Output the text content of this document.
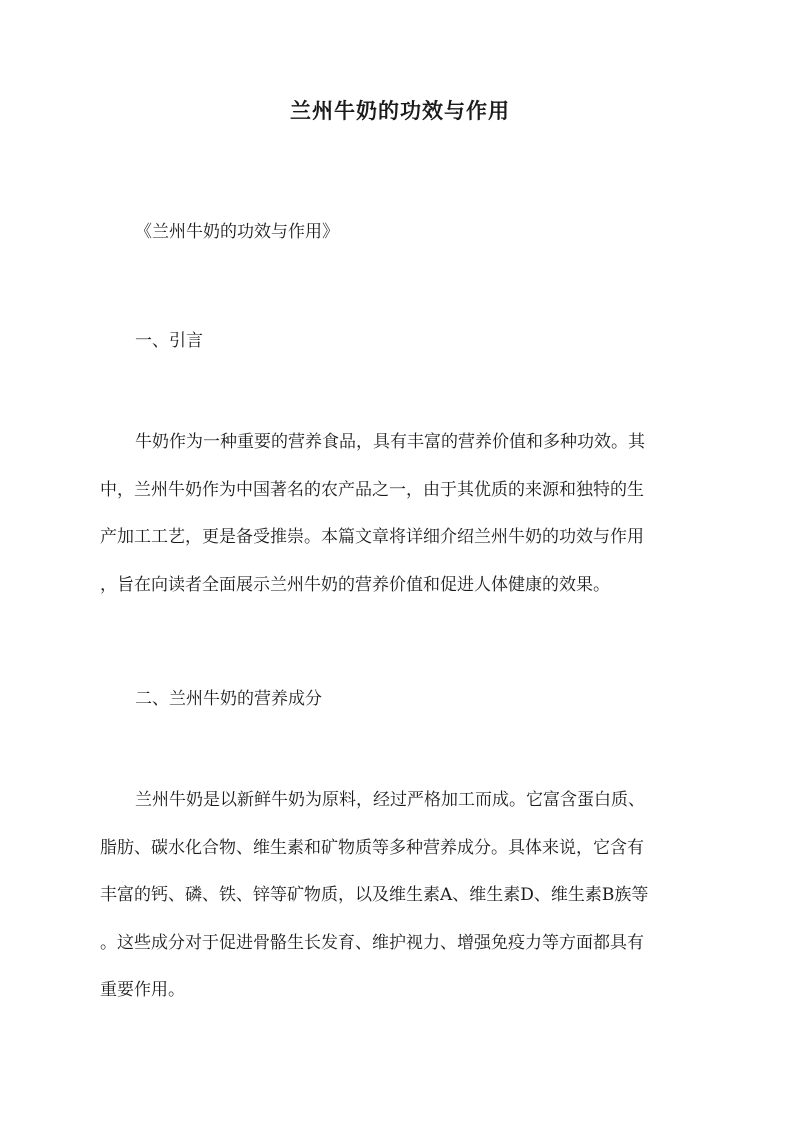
兰州牛奶的功效与作用

《兰州牛奶的功效与作用》

一、引言

牛奶作为一种重要的营养食品，具有丰富的营养价值和多种功效。其
中，兰州牛奶作为中国著名的农产品之一，由于其优质的来源和独特的生
产加工工艺，更是备受推崇。本篇文章将详细介绍兰州牛奶的功效与作用
，旨在向读者全面展示兰州牛奶的营养价值和促进人体健康的效果。

二、兰州牛奶的营养成分

兰州牛奶是以新鲜牛奶为原料，经过严格加工而成。它富含蛋白质、
脂肪、碳水化合物、维生素和矿物质等多种营养成分。具体来说，它含有
丰富的钙、磷、铁、锌等矿物质，以及维生素A、维生素D、维生素B族等
。这些成分对于促进骨骼生长发育、维护视力、增强免疫力等方面都具有
重要作用。
